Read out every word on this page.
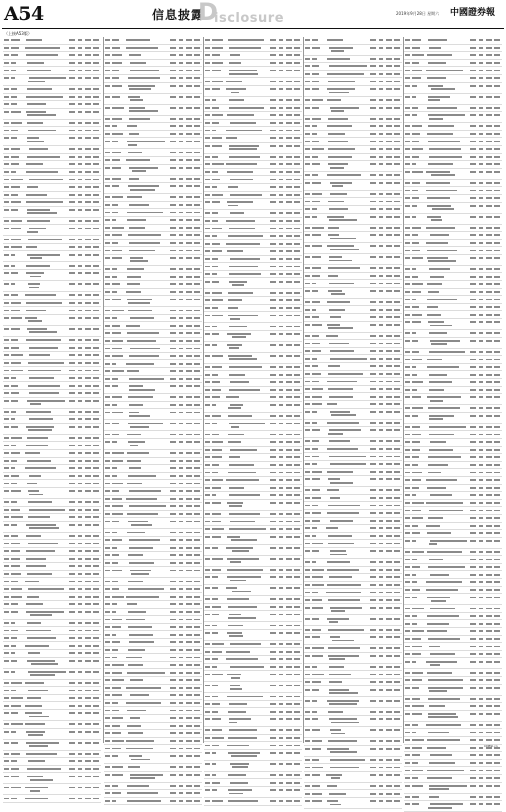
A54	信息披露
D
isclosure	2019年9月28日 星期六 中國證券報
（上接A53版）
CDBSI.cn
